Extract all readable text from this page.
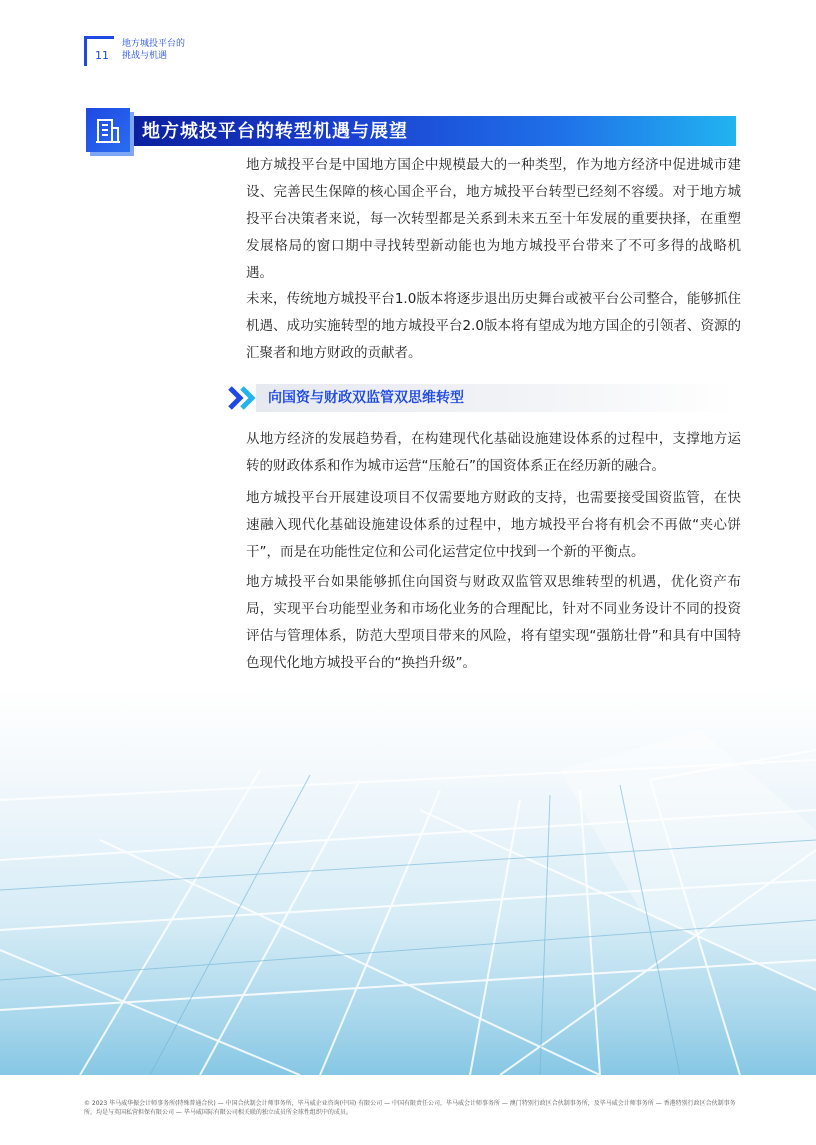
11
地方城投平台的
挑战与机遇
地方城投平台的转型机遇与展望

地方城投平台是中国地方国企中规模最大的一种类型，作为地方经济中促进城市建设、完善民生保障的核心国企平台，地方城投平台转型已经刻不容缓。对于地方城投平台决策者来说，每一次转型都是关系到未来五至十年发展的重要抉择，在重塑发展格局的窗口期中寻找转型新动能也为地方城投平台带来了不可多得的战略机遇。

未来，传统地方城投平台1.0版本将逐步退出历史舞台或被平台公司整合，能够抓住机遇、成功实施转型的地方城投平台2.0版本将有望成为地方国企的引领者、资源的汇聚者和地方财政的贡献者。

向国资与财政双监管双思维转型

从地方经济的发展趋势看，在构建现代化基础设施建设体系的过程中，支撑地方运转的财政体系和作为城市运营“压舱石”的国资体系正在经历新的融合。

地方城投平台开展建设项目不仅需要地方财政的支持，也需要接受国资监管，在快速融入现代化基础设施建设体系的过程中，地方城投平台将有机会不再做“夹心饼干”，而是在功能性定位和公司化运营定位中找到一个新的平衡点。

地方城投平台如果能够抓住向国资与财政双监管双思维转型的机遇，优化资产布局，实现平台功能型业务和市场化业务的合理配比，针对不同业务设计不同的投资评估与管理体系，防范大型项目带来的风险，将有望实现“强筋壮骨”和具有中国特色现代化地方城投平台的“换挡升级”。

© 2023 毕马威华振会计师事务所(特殊普通合伙) — 中国合伙制会计师事务所，毕马威企业咨询(中国) 有限公司 — 中国有限责任公司，毕马威会计师事务所 — 澳门特别行政区合伙制事务所，及毕马威会计师事务所 — 香港特别行政区合伙制事务所，均是与英国私营担保有限公司 — 毕马威国际有限公司相关联的独立成员所全球性组织中的成员。
